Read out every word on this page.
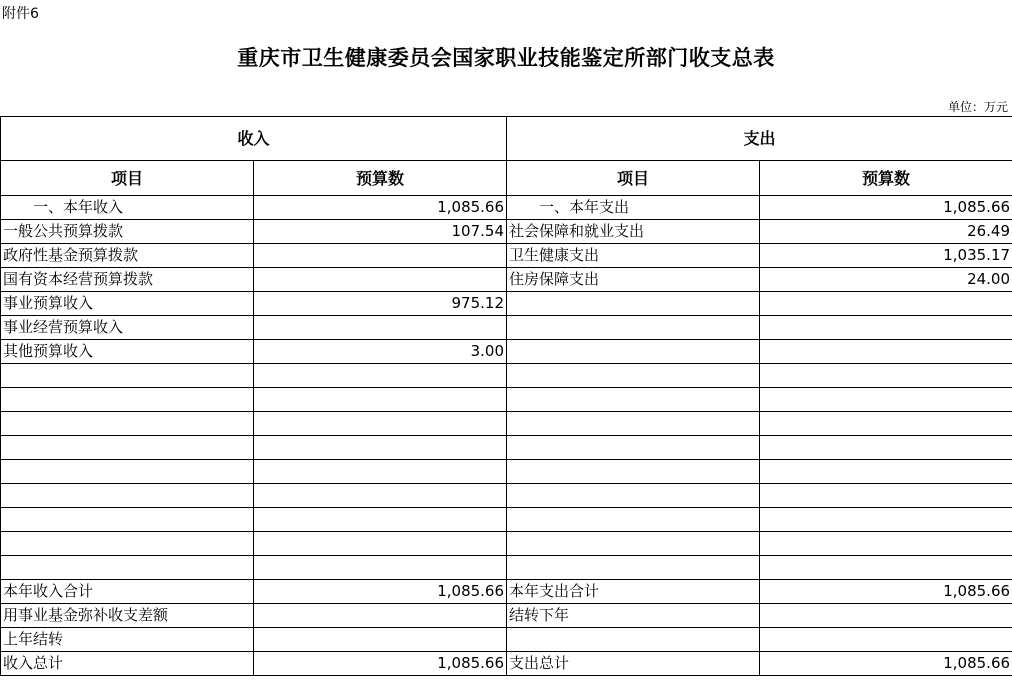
附件6
重庆市卫生健康委员会国家职业技能鉴定所部门收支总表
单位：万元
收入		支出	
项目	预算数	项目	预算数
一、本年收入	1,085.66	一、本年支出	1,085.66
一般公共预算拨款	107.54	社会保障和就业支出	26.49
政府性基金预算拨款		卫生健康支出	1,035.17
国有资本经营预算拨款		住房保障支出	24.00
事业预算收入	975.12		
事业经营预算收入			
其他预算收入	3.00		

本年收入合计	1,085.66	本年支出合计	1,085.66
用事业基金弥补收支差额		结转下年	
上年结转			
收入总计	1,085.66	支出总计	1,085.66
